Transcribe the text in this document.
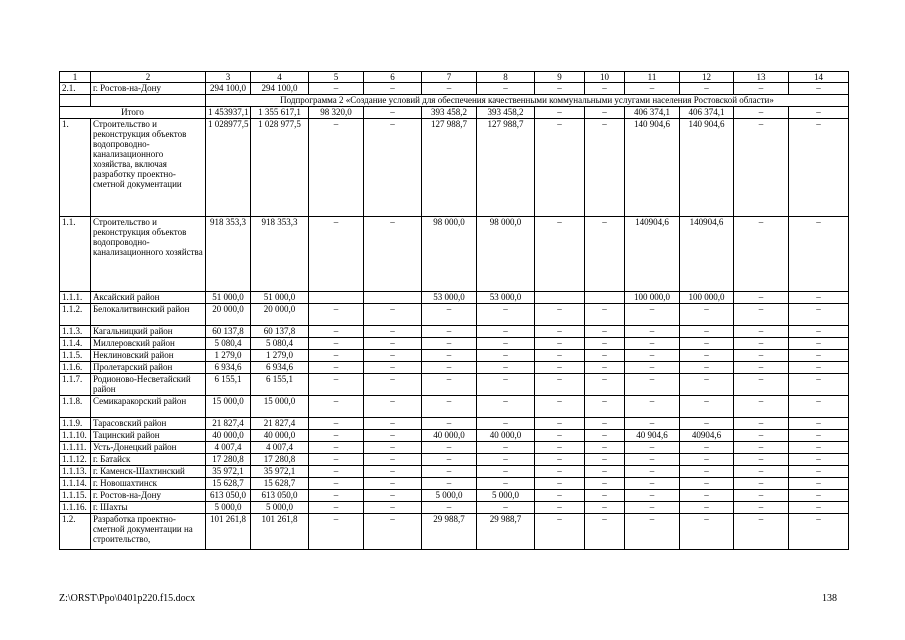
1	2	3	4	5	6	7	8	9	10	11	12	13	14
2.1.	г. Ростов-на-Дону	294 100,0	294 100,0	–	–	–	–	–	–	–	–	–	–
		Подпрограмма 2 «Создание условий для обеспечения качественными коммунальными услугами населения Ростовской области»											
Итого		1 453937,1	1 355 617,1	98 320,0	–	393 458,2	393 458,2	–	–	406 374,1	406 374,1	–	–
1.	Строительство и реконструкция объектов водопроводно-канализационного хозяйства, включая разработку проектно-сметной документации	1 028977,5	1 028 977,5	–	–	127 988,7	127 988,7	–	–	140 904,6	140 904,6	–	–
1.1.	Строительство и реконструкция объектов водопроводно-канализационного хозяйства	918 353,3	918 353,3	–	–	98 000,0	98 000,0	–	–	140904,6	140904,6	–	–
1.1.1.	Аксайский район	51 000,0	51 000,0			53 000,0	53 000,0			100 000,0	100 000,0	–	–
1.1.2.	Белокалитвинский район	20 000,0	20 000,0	–	–	–	–	–	–	–	–	–	–
1.1.3.	Кагальницкий район	60 137,8	60 137,8	–	–	–	–	–	–	–	–	–	–
1.1.4.	Миллеровский район	5 080,4	5 080,4	–	–	–	–	–	–	–	–	–	–
1.1.5.	Неклиновский район	1 279,0	1 279,0	–	–	–	–	–	–	–	–	–	–
1.1.6.	Пролетарский район	6 934,6	6 934,6	–	–	–	–	–	–	–	–	–	–
1.1.7.	Родионово-Несветайский район	6 155,1	6 155,1	–	–	–	–	–	–	–	–	–	–
1.1.8.	Семикаракорский район	15 000,0	15 000,0	–	–	–	–	–	–	–	–	–	–
1.1.9.	Тарасовский район	21 827,4	21 827,4	–	–	–	–	–	–	–	–	–	–
1.1.10.	Тацинский район	40 000,0	40 000,0	–	–	40 000,0	40 000,0	–	–	40 904,6	40904,6	–	–
1.1.11.	Усть-Донецкий район	4 007,4	4 007,4	–	–	–	–	–	–	–	–	–	–
1.1.12.	г. Батайск	17 280,8	17 280,8	–	–	–	–	–	–	–	–	–	–
1.1.13.	г. Каменск-Шахтинский	35 972,1	35 972,1	–	–	–	–	–	–	–	–	–	–
1.1.14.	г. Новошахтинск	15 628,7	15 628,7	–	–	–	–	–	–	–	–	–	–
1.1.15.	г. Ростов-на-Дону	613 050,0	613 050,0	–	–	5 000,0	5 000,0	–	–	–	–	–	–
1.1.16.	г. Шахты	5 000,0	5 000,0	–	–	–	–	–	–	–	–	–	–
1.2.	Разработка проектно-сметной документации на строительство,	101 261,8	101 261,8	–	–	29 988,7	29 988,7	–	–	–	–	–	–
Z:\ORST\Ppo\0401p220.f15.docx	138
